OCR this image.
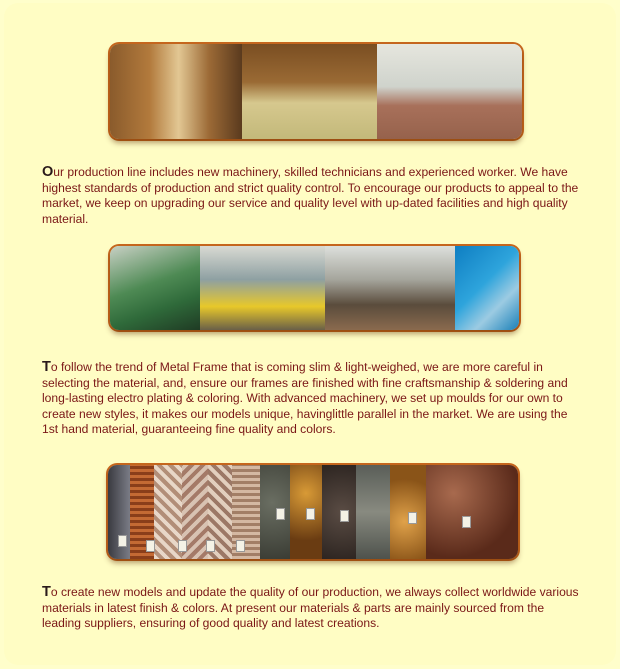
Our production line includes new machinery, skilled technicians and experienced worker. We have highest standards of production and strict quality control. To encourage our products to appeal to the market, we keep on upgrading our service and quality level with up-dated facilities and high quality material.

To follow the trend of Metal Frame that is coming slim & light-weighed, we are more careful in selecting the material, and, ensure our frames are finished with fine craftsmanship & soldering and long-lasting electro plating & coloring. With advanced machinery, we set up moulds for our own to create new styles, it makes our models unique, havinglittle parallel in the market. We are using the 1st hand material, guaranteeing fine quality and colors.

To create new models and update the quality of our production, we always collect worldwide various materials in latest finish & colors. At present our materials & parts are mainly sourced from the leading suppliers, ensuring of good quality and latest creations.
